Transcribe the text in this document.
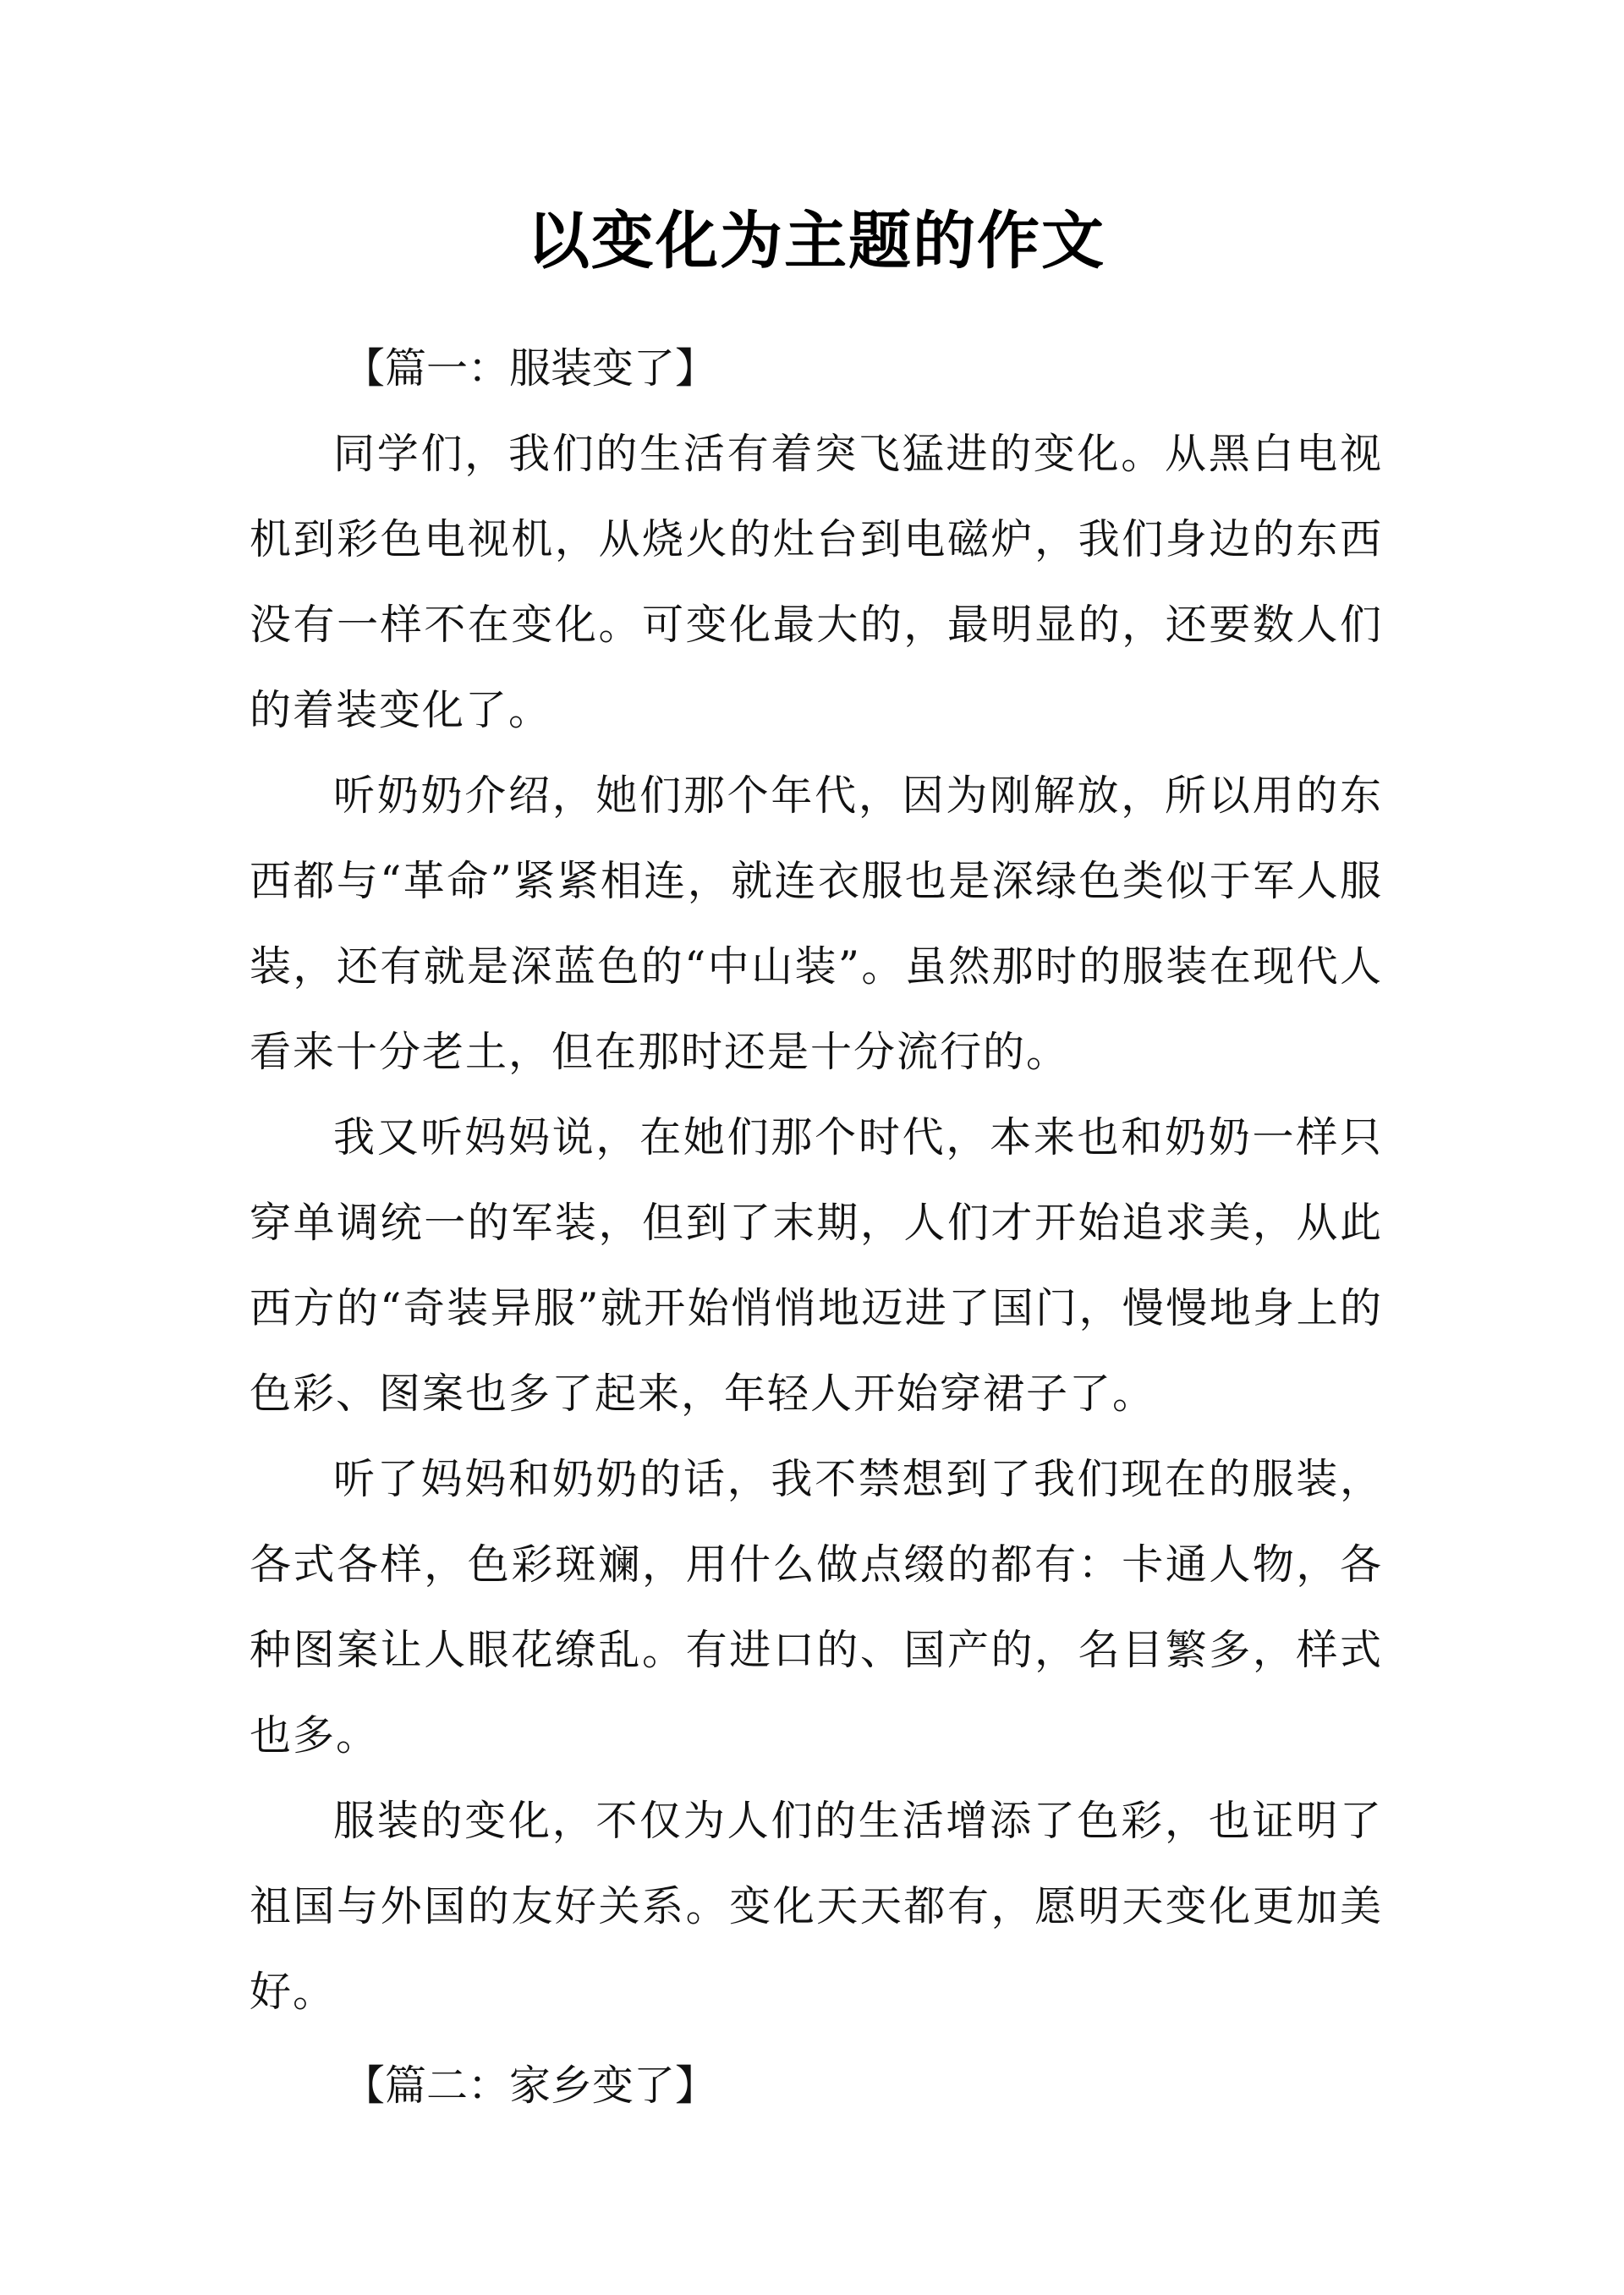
以变化为主题的作文
【篇一：服装变了】

同学们，我们的生活有着突飞猛进的变化。从黑白电视机到彩色电视机，从烧火的灶台到电磁炉，我们身边的东西没有一样不在变化。可变化最大的，最明显的，还要数人们的着装变化了。

听奶奶介绍，她们那个年代，因为刚解放，所以用的东西都与“革命”紧紧相连，就连衣服也是深绿色类似于军人服装，还有就是深蓝色的“中山装”。虽然那时的服装在现代人看来十分老土，但在那时还是十分流行的。

我又听妈妈说，在她们那个时代，本来也和奶奶一样只穿单调统一的军装，但到了末期，人们才开始追求美，从此西方的“奇装异服”就开始悄悄地迈进了国门，慢慢地身上的色彩、图案也多了起来，年轻人开始穿裙子了。

听了妈妈和奶奶的话，我不禁想到了我们现在的服装，各式各样，色彩斑斓，用什么做点缀的都有：卡通人物，各种图案让人眼花缭乱。有进口的、国产的，名目繁多，样式也多。

服装的变化，不仅为人们的生活增添了色彩，也证明了祖国与外国的友好关系。变化天天都有，愿明天变化更加美好。

【篇二：家乡变了】
